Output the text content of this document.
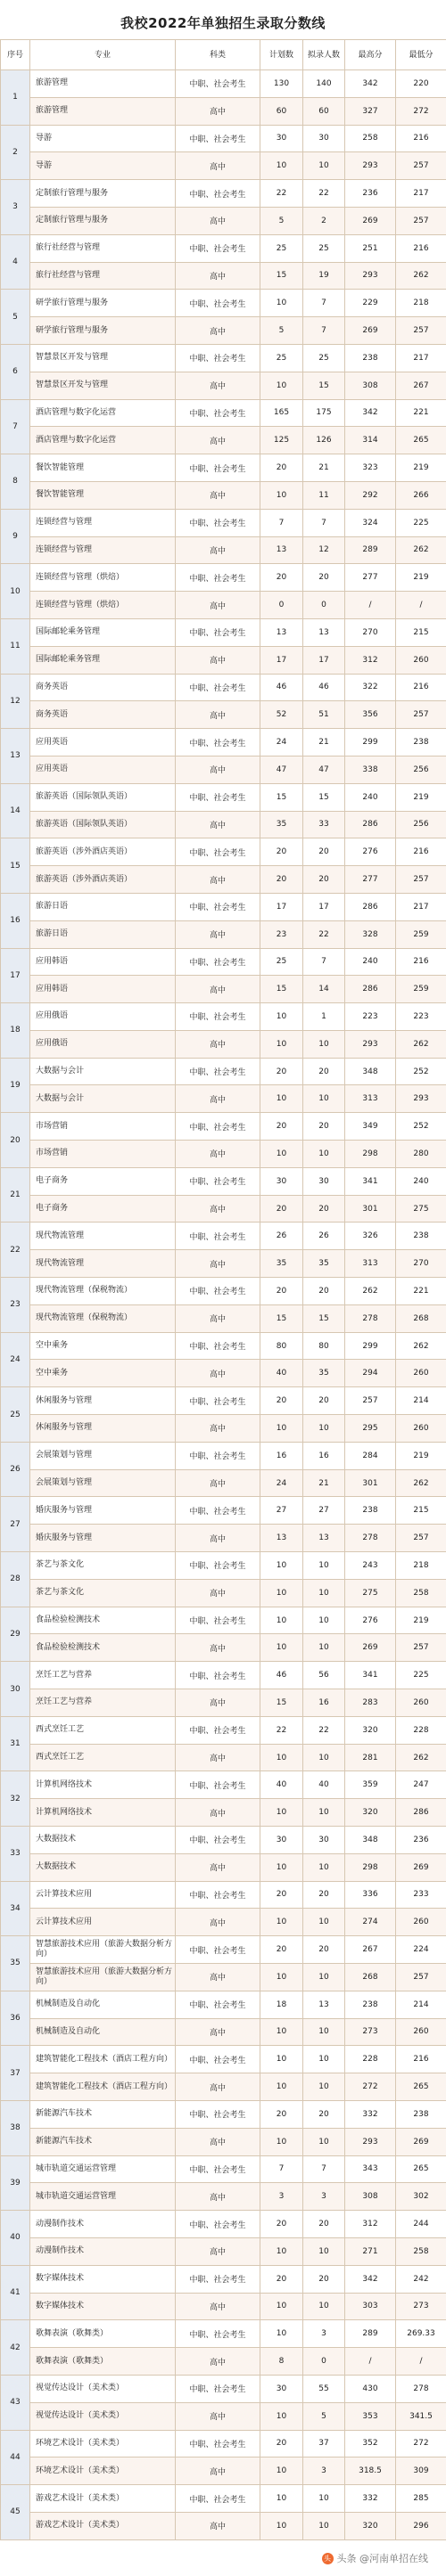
我校2022年单独招生录取分数线
序号	专业	科类	计划数	拟录人数	最高分	最低分
1	旅游管理	中职、社会考生	130	140	342	220
	旅游管理	高中	60	60	327	272
2	导游	中职、社会考生	30	30	258	216
	导游	高中	10	10	293	257
3	定制旅行管理与服务	中职、社会考生	22	22	236	217
	定制旅行管理与服务	高中	5	2	269	257
4	旅行社经营与管理	中职、社会考生	25	25	251	216
	旅行社经营与管理	高中	15	19	293	262
5	研学旅行管理与服务	中职、社会考生	10	7	229	218
	研学旅行管理与服务	高中	5	7	269	257
6	智慧景区开发与管理	中职、社会考生	25	25	238	217
	智慧景区开发与管理	高中	10	15	308	267
7	酒店管理与数字化运营	中职、社会考生	165	175	342	221
	酒店管理与数字化运营	高中	125	126	314	265
8	餐饮智能管理	中职、社会考生	20	21	323	219
	餐饮智能管理	高中	10	11	292	266
9	连锁经营与管理	中职、社会考生	7	7	324	225
	连锁经营与管理	高中	13	12	289	262
10	连锁经营与管理（烘焙）	中职、社会考生	20	20	277	219
	连锁经营与管理（烘焙）	高中	0	0	/	/
11	国际邮轮乘务管理	中职、社会考生	13	13	270	215
	国际邮轮乘务管理	高中	17	17	312	260
12	商务英语	中职、社会考生	46	46	322	216
	商务英语	高中	52	51	356	257
13	应用英语	中职、社会考生	24	21	299	238
	应用英语	高中	47	47	338	256
14	旅游英语（国际领队英语）	中职、社会考生	15	15	240	219
	旅游英语（国际领队英语）	高中	35	33	286	256
15	旅游英语（涉外酒店英语）	中职、社会考生	20	20	276	216
	旅游英语（涉外酒店英语）	高中	20	20	277	257
16	旅游日语	中职、社会考生	17	17	286	217
	旅游日语	高中	23	22	328	259
17	应用韩语	中职、社会考生	25	7	240	216
	应用韩语	高中	15	14	286	259
18	应用俄语	中职、社会考生	10	1	223	223
	应用俄语	高中	10	10	293	262
19	大数据与会计	中职、社会考生	20	20	348	252
	大数据与会计	高中	10	10	313	293
20	市场营销	中职、社会考生	20	20	349	252
	市场营销	高中	10	10	298	280
21	电子商务	中职、社会考生	30	30	341	240
	电子商务	高中	20	20	301	275
22	现代物流管理	中职、社会考生	26	26	326	238
	现代物流管理	高中	35	35	313	270
23	现代物流管理（保税物流）	中职、社会考生	20	20	262	221
	现代物流管理（保税物流）	高中	15	15	278	268
24	空中乘务	中职、社会考生	80	80	299	262
	空中乘务	高中	40	35	294	260
25	休闲服务与管理	中职、社会考生	20	20	257	214
	休闲服务与管理	高中	10	10	295	260
26	会展策划与管理	中职、社会考生	16	16	284	219
	会展策划与管理	高中	24	21	301	262
27	婚庆服务与管理	中职、社会考生	27	27	238	215
	婚庆服务与管理	高中	13	13	278	257
28	茶艺与茶文化	中职、社会考生	10	10	243	218
	茶艺与茶文化	高中	10	10	275	258
29	食品检验检测技术	中职、社会考生	10	10	276	219
	食品检验检测技术	高中	10	10	269	257
30	烹饪工艺与营养	中职、社会考生	46	56	341	225
	烹饪工艺与营养	高中	15	16	283	260
31	西式烹饪工艺	中职、社会考生	22	22	320	228
	西式烹饪工艺	高中	10	10	281	262
32	计算机网络技术	中职、社会考生	40	40	359	247
	计算机网络技术	高中	10	10	320	286
33	大数据技术	中职、社会考生	30	30	348	236
	大数据技术	高中	10	10	298	269
34	云计算技术应用	中职、社会考生	20	20	336	233
	云计算技术应用	高中	10	10	274	260
35	智慧旅游技术应用（旅游大数据分析方向）	中职、社会考生	20	20	267	224
	智慧旅游技术应用（旅游大数据分析方向）	高中	10	10	268	257
36	机械制造及自动化	中职、社会考生	18	13	238	214
	机械制造及自动化	高中	10	10	273	260
37	建筑智能化工程技术（酒店工程方向）	中职、社会考生	10	10	228	216
	建筑智能化工程技术（酒店工程方向）	高中	10	10	272	265
38	新能源汽车技术	中职、社会考生	20	20	332	238
	新能源汽车技术	高中	10	10	293	269
39	城市轨道交通运营管理	中职、社会考生	7	7	343	265
	城市轨道交通运营管理	高中	3	3	308	302
40	动漫制作技术	中职、社会考生	20	20	312	244
	动漫制作技术	高中	10	10	271	258
41	数字媒体技术	中职、社会考生	20	20	342	242
	数字媒体技术	高中	10	10	303	273
42	歌舞表演（歌舞类）	中职、社会考生	10	3	289	269.33
	歌舞表演（歌舞类）	高中	8	0	/	/
43	视觉传达设计（美术类）	中职、社会考生	30	55	430	278
	视觉传达设计（美术类）	高中	10	5	353	341.5
44	环境艺术设计（美术类）	中职、社会考生	20	37	352	272
	环境艺术设计（美术类）	高中	10	3	318.5	309
45	游戏艺术设计（美术类）	中职、社会考生	10	10	332	285
	游戏艺术设计（美术类）	高中	10	10	320	296
头 头条 @河南单招在线
